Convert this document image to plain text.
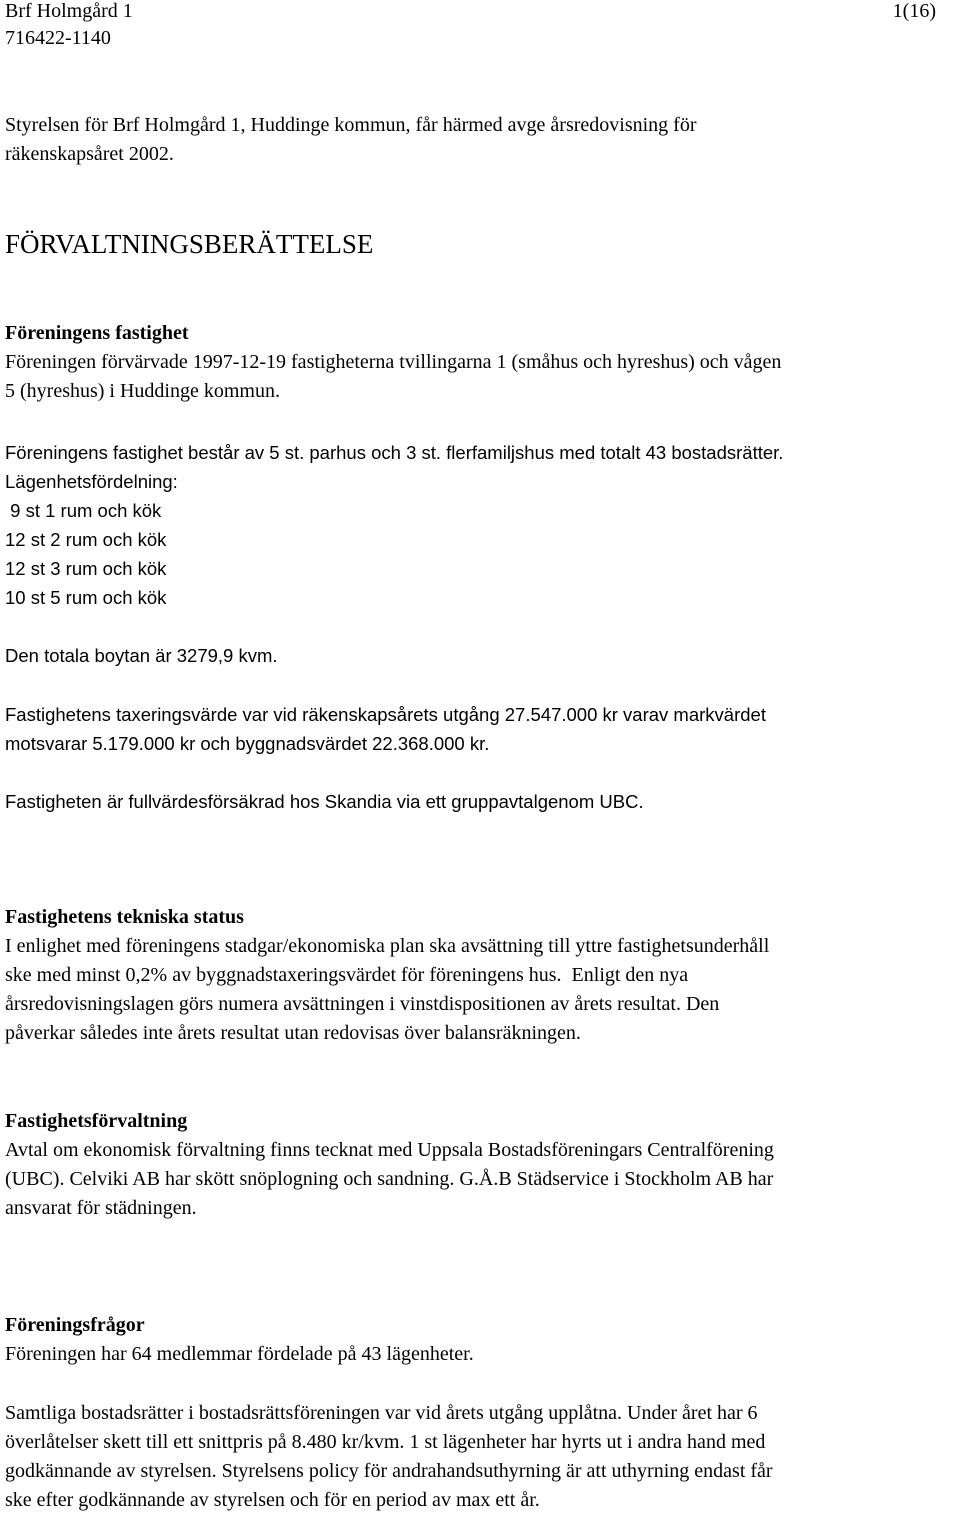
Brf Holmgård 1	1(16)
716422-1140
Styrelsen för Brf Holmgård 1, Huddinge kommun, får härmed avge årsredovisning för
räkenskapsåret 2002.
FÖRVALTNINGSBERÄTTELSE
Föreningens fastighet
Föreningen förvärvade 1997-12-19 fastigheterna tvillingarna 1 (småhus och hyreshus) och vågen
5 (hyreshus) i Huddinge kommun.
Föreningens fastighet består av 5 st. parhus och 3 st. flerfamiljshus med totalt 43 bostadsrätter.
Lägenhetsfördelning:
9 st 1 rum och kök
12 st 2 rum och kök
12 st 3 rum och kök
10 st 5 rum och kök
Den totala boytan är 3279,9 kvm.
Fastighetens taxeringsvärde var vid räkenskapsårets utgång 27.547.000 kr varav markvärdet
motsvarar 5.179.000 kr och byggnadsvärdet 22.368.000 kr.
Fastigheten är fullvärdesförsäkrad hos Skandia via ett gruppavtalgenom UBC.
Fastighetens tekniska status
I enlighet med föreningens stadgar/ekonomiska plan ska avsättning till yttre fastighetsunderhåll
ske med minst 0,2% av byggnadstaxeringsvärdet för föreningens hus.  Enligt den nya
årsredovisningslagen görs numera avsättningen i vinstdispositionen av årets resultat. Den
påverkar således inte årets resultat utan redovisas över balansräkningen.
Fastighetsförvaltning
Avtal om ekonomisk förvaltning finns tecknat med Uppsala Bostadsföreningars Centralförening
(UBC). Celviki AB har skött snöplogning och sandning. G.Å.B Städservice i Stockholm AB har
ansvarat för städningen.
Föreningsfrågor
Föreningen har 64 medlemmar fördelade på 43 lägenheter.
Samtliga bostadsrätter i bostadsrättsföreningen var vid årets utgång upplåtna. Under året har 6
överlåtelser skett till ett snittpris på 8.480 kr/kvm. 1 st lägenheter har hyrts ut i andra hand med
godkännande av styrelsen. Styrelsens policy för andrahandsuthyrning är att uthyrning endast får
ske efter godkännande av styrelsen och för en period av max ett år.
